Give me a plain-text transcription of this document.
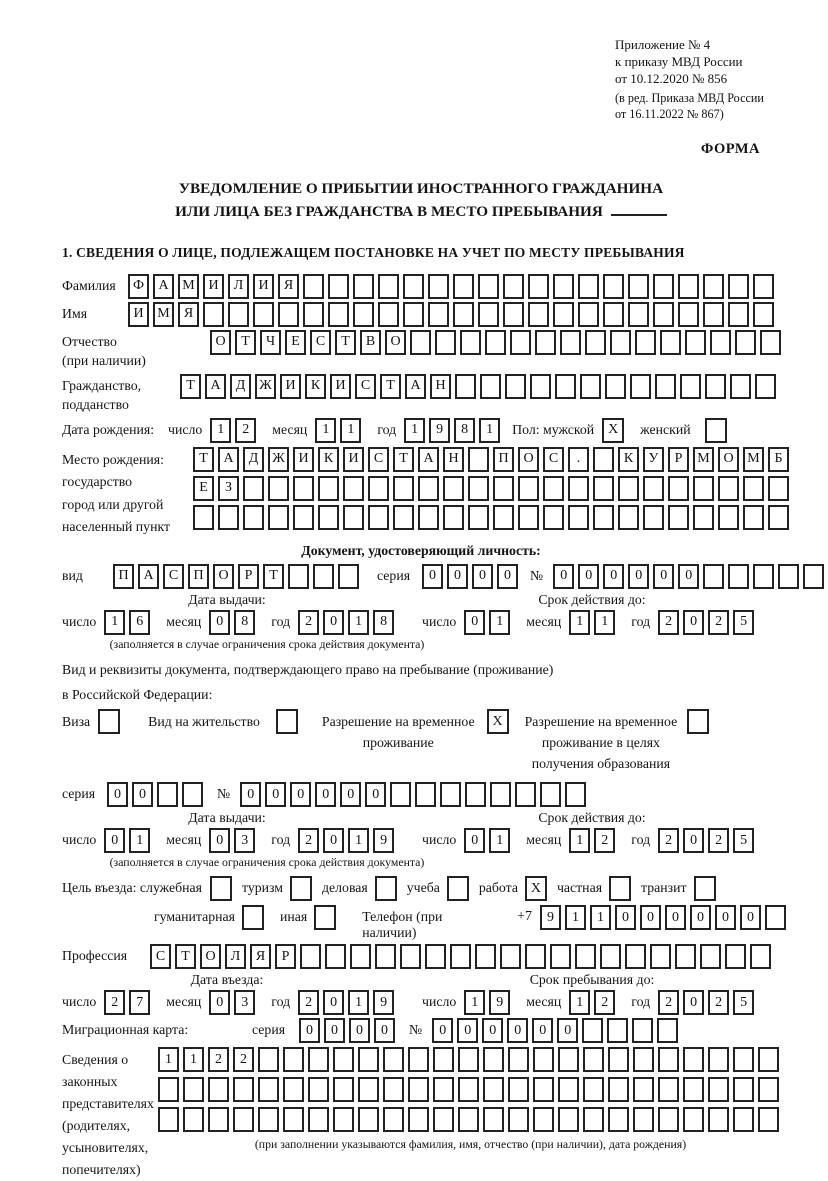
Приложение № 4
к приказу МВД России
от 10.12.2020 № 856
(в ред. Приказа МВД России
от 16.11.2022 № 867)
ФОРМА
УВЕДОМЛЕНИЕ О ПРИБЫТИИ ИНОСТРАННОГО ГРАЖДАНИНА
ИЛИ ЛИЦА БЕЗ ГРАЖДАНСТВА В МЕСТО ПРЕБЫВАНИЯ
1. СВЕДЕНИЯ О ЛИЦЕ, ПОДЛЕЖАЩЕМ ПОСТАНОВКЕ НА УЧЕТ ПО МЕСТУ ПРЕБЫВАНИЯ
Фамилия	Ф	А М И	Л	И	Я
Имя	И М	Я
Отчество
(при наличии)
О	Т	Ч	Е	С	Т	В	О
Гражданство,
подданство
Т	А	Д Ж И	К	И	С	Т	А	Н
Дата рождения: число	1	2	месяц	1	1	год	1	9	8	1	Пол: мужской X	женский
Место рождения:
государство
город или другой
населенный пункт
Т	А	Д Ж И	К	И	С	Т	А	Н	П	О	С	.	К	У	Р	М О М	Б
Е	З
Документ, удостоверяющий личность:
вид	П	А	С	П	О	Р	Т	серия	0	0	0	0	№	0	0	0	0	0	0
Дата выдачи:	Срок действия до:
число	1	6	месяц	0	8	год	2	0	1	8	число	0	1	месяц	1	1	год	2	0	2	5
(заполняется в случае ограничения срока действия документа)
Вид и реквизиты документа, подтверждающего право на пребывание (проживание)
в Российской Федерации:
Виза	Вид на жительство	Разрешение на временное
проживание
X	Разрешение на временное
проживание в целях
получения образования
серия	0	0	№	0	0	0	0	0	0
Дата выдачи:	Срок действия до:
число	0	1	месяц	0	3	год	2	0	1	9	число	0	1	месяц	1	2	год	2	0	2	5
(заполняется в случае ограничения срока действия документа)
Цель въезда: служебная	туризм	деловая	учеба	работа X	частная	транзит
гуманитарная	иная	Телефон (при наличии)
+7	9	1	1	0	0	0	0	0	0
Профессия	С	Т	О	Л	Я	Р
Дата въезда:	Срок пребывания до:
число	2	7	месяц	0	3	год	2	0	1	9	число	1	9	месяц	1	2	год	2	0	2	5
Миграционная карта:	серия	0	0	0	0	№	0	0	0	0	0	0
Сведения о
законных
представителях
(родителях,
усыновителях,
попечителях)
1	1	2	2
(при заполнении указываются фамилия, имя, отчество (при наличии), дата рождения)
